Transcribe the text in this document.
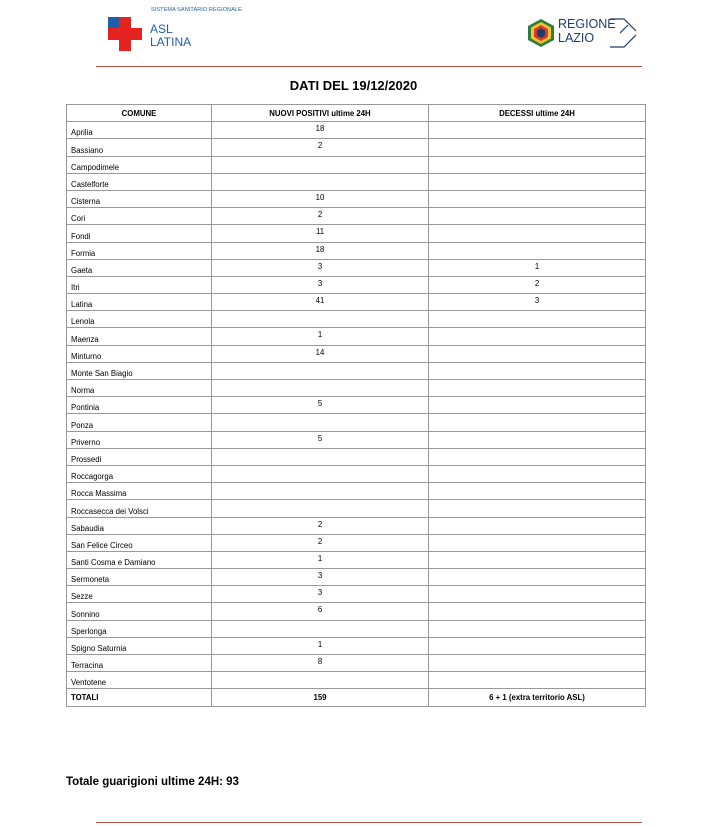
SISTEMA SANITARIO REGIONALE
ASL
LATINA
REGIONE
LAZIO
DATI DEL 19/12/2020
COMUNE	NUOVI POSITIVI ultime 24H	DECESSI ultime 24H
Aprilia	18	
Bassiano	2	
Campodimele		
Castelforte		
Cisterna	10	
Cori	2	
Fondi	11	
Formia	18	
Gaeta	3	1
Itri	3	2
Latina	41	3
Lenola		
Maenza	1	
Minturno	14	
Monte San Biagio		
Norma		
Pontinia	5	
Ponza		
Priverno	5	
Prossedi		
Roccagorga		
Rocca Massima		
Roccasecca dei Volsci		
Sabaudia	2	
San Felice Circeo	2	
Santi Cosma e Damiano	1	
Sermoneta	3	
Sezze	3	
Sonnino	6	
Sperlonga		
Spigno Saturnia	1	
Terracina	8	
Ventotene		
TOTALI	159	6 + 1 (extra territorio ASL)
Totale guarigioni ultime 24H: 93
